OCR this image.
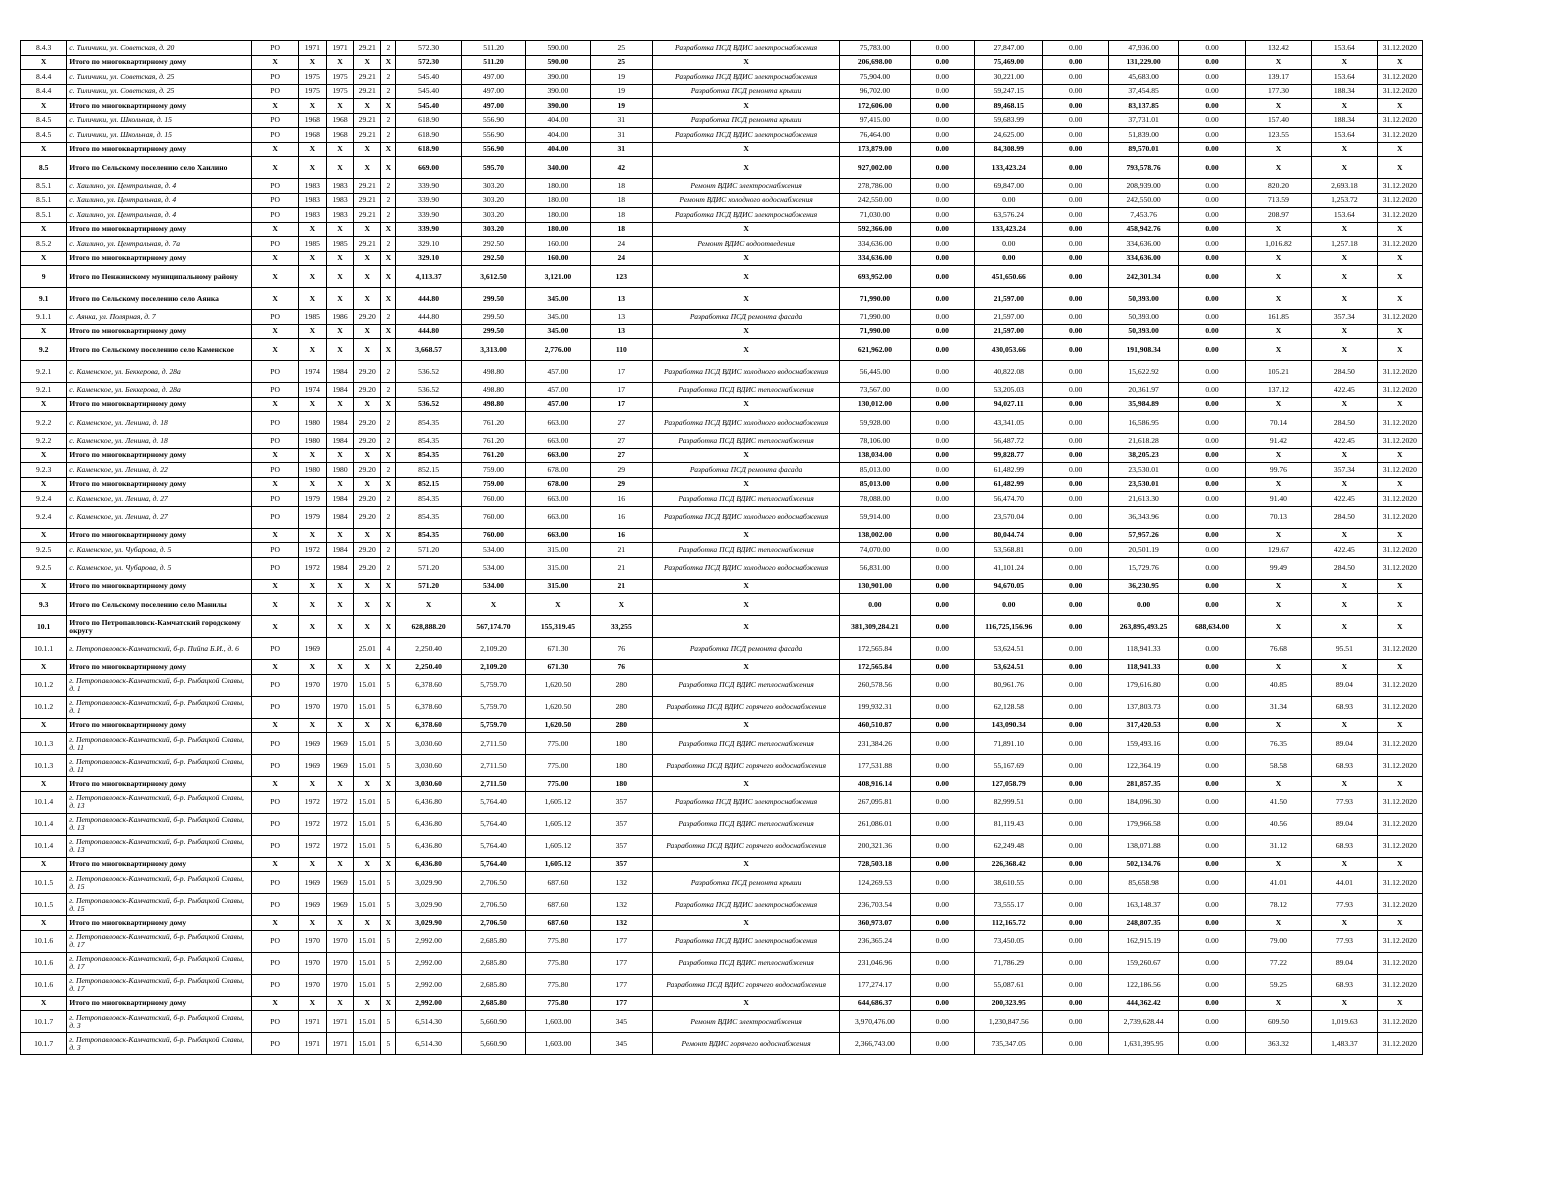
8.4.3	с. Тиличики, ул. Советская, д. 20	РО	1971	1971	29.21	2	572.30	511.20	590.00	25	Разработка ПСД ВДИС электроснабжения	75,783.00	0.00	27,847.00	0.00	47,936.00	0.00	132.42	153.64	31.12.2020
Х	Итого по многоквартирному дому	Х	Х	Х	Х	Х	572.30	511.20	590.00	25	Х	206,698.00	0.00	75,469.00	0.00	131,229.00	0.00	Х	Х	Х
8.4.4	с. Тиличики, ул. Советская, д. 25	РО	1975	1975	29.21	2	545.40	497.00	390.00	19	Разработка ПСД ВДИС электроснабжения	75,904.00	0.00	30,221.00	0.00	45,683.00	0.00	139.17	153.64	31.12.2020
8.4.4	с. Тиличики, ул. Советская, д. 25	РО	1975	1975	29.21	2	545.40	497.00	390.00	19	Разработка ПСД ремонта крыши	96,702.00	0.00	59,247.15	0.00	37,454.85	0.00	177.30	188.34	31.12.2020
Х	Итого по многоквартирному дому	Х	Х	Х	Х	Х	545.40	497.00	390.00	19	Х	172,606.00	0.00	89,468.15	0.00	83,137.85	0.00	Х	Х	Х
8.4.5	с. Тиличики, ул. Школьная, д. 15	РО	1968	1968	29.21	2	618.90	556.90	404.00	31	Разработка ПСД ремонта крыши	97,415.00	0.00	59,683.99	0.00	37,731.01	0.00	157.40	188.34	31.12.2020
8.4.5	с. Тиличики, ул. Школьная, д. 15	РО	1968	1968	29.21	2	618.90	556.90	404.00	31	Разработка ПСД ВДИС электроснабжения	76,464.00	0.00	24,625.00	0.00	51,839.00	0.00	123.55	153.64	31.12.2020
Х	Итого по многоквартирному дому	Х	Х	Х	Х	Х	618.90	556.90	404.00	31	Х	173,879.00	0.00	84,308.99	0.00	89,570.01	0.00	Х	Х	Х
8.5	Итого по Сельскому поселению село Хаилино	Х	Х	Х	Х	Х	669.00	595.70	340.00	42	Х	927,002.00	0.00	133,423.24	0.00	793,578.76	0.00	Х	Х	Х
8.5.1	с. Хаилино, ул. Центральная, д. 4	РО	1983	1983	29.21	2	339.90	303.20	180.00	18	Ремонт ВДИС электроснабжения	278,786.00	0.00	69,847.00	0.00	208,939.00	0.00	820.20	2,693.18	31.12.2020
8.5.1	с. Хаилино, ул. Центральная, д. 4	РО	1983	1983	29.21	2	339.90	303.20	180.00	18	Ремонт ВДИС холодного водоснабжения	242,550.00	0.00	0.00	0.00	242,550.00	0.00	713.59	1,253.72	31.12.2020
8.5.1	с. Хаилино, ул. Центральная, д. 4	РО	1983	1983	29.21	2	339.90	303.20	180.00	18	Разработка ПСД ВДИС электроснабжения	71,030.00	0.00	63,576.24	0.00	7,453.76	0.00	208.97	153.64	31.12.2020
Х	Итого по многоквартирному дому	Х	Х	Х	Х	Х	339.90	303.20	180.00	18	Х	592,366.00	0.00	133,423.24	0.00	458,942.76	0.00	Х	Х	Х
8.5.2	с. Хаилино, ул. Центральная, д. 7а	РО	1985	1985	29.21	2	329.10	292.50	160.00	24	Ремонт ВДИС водоотведения	334,636.00	0.00	0.00	0.00	334,636.00	0.00	1,016.82	1,257.18	31.12.2020
Х	Итого по многоквартирному дому	Х	Х	Х	Х	Х	329.10	292.50	160.00	24	Х	334,636.00	0.00	0.00	0.00	334,636.00	0.00	Х	Х	Х
9	Итого по Пенжинскому муниципальному району	Х	Х	Х	Х	Х	4,113.37	3,612.50	3,121.00	123	Х	693,952.00	0.00	451,650.66	0.00	242,301.34	0.00	Х	Х	Х
9.1	Итого по Сельскому поселению село Аянка	Х	Х	Х	Х	Х	444.80	299.50	345.00	13	Х	71,990.00	0.00	21,597.00	0.00	50,393.00	0.00	Х	Х	Х
9.1.1	с. Аянка, ул. Полярная, д. 7	РО	1985	1986	29.20	2	444.80	299.50	345.00	13	Разработка ПСД ремонта фасада	71,990.00	0.00	21,597.00	0.00	50,393.00	0.00	161.85	357.34	31.12.2020
Х	Итого по многоквартирному дому	Х	Х	Х	Х	Х	444.80	299.50	345.00	13	Х	71,990.00	0.00	21,597.00	0.00	50,393.00	0.00	Х	Х	Х
9.2	Итого по Сельскому поселению село Каменское	Х	Х	Х	Х	Х	3,668.57	3,313.00	2,776.00	110	Х	621,962.00	0.00	430,053.66	0.00	191,908.34	0.00	Х	Х	Х
9.2.1	с. Каменское, ул. Беккерова, д. 28а	РО	1974	1984	29.20	2	536.52	498.80	457.00	17	Разработка ПСД ВДИС холодного водоснабжения	56,445.00	0.00	40,822.08	0.00	15,622.92	0.00	105.21	284.50	31.12.2020
9.2.1	с. Каменское, ул. Беккерова, д. 28а	РО	1974	1984	29.20	2	536.52	498.80	457.00	17	Разработка ПСД ВДИС теплоснабжения	73,567.00	0.00	53,205.03	0.00	20,361.97	0.00	137.12	422.45	31.12.2020
Х	Итого по многоквартирному дому	Х	Х	Х	Х	Х	536.52	498.80	457.00	17	Х	130,012.00	0.00	94,027.11	0.00	35,984.89	0.00	Х	Х	Х
9.2.2	с. Каменское, ул. Ленина, д. 18	РО	1980	1984	29.20	2	854.35	761.20	663.00	27	Разработка ПСД ВДИС холодного водоснабжения	59,928.00	0.00	43,341.05	0.00	16,586.95	0.00	70.14	284.50	31.12.2020
9.2.2	с. Каменское, ул. Ленина, д. 18	РО	1980	1984	29.20	2	854.35	761.20	663.00	27	Разработка ПСД ВДИС теплоснабжения	78,106.00	0.00	56,487.72	0.00	21,618.28	0.00	91.42	422.45	31.12.2020
Х	Итого по многоквартирному дому	Х	Х	Х	Х	Х	854.35	761.20	663.00	27	Х	138,034.00	0.00	99,828.77	0.00	38,205.23	0.00	Х	Х	Х
9.2.3	с. Каменское, ул. Ленина, д. 22	РО	1980	1980	29.20	2	852.15	759.00	678.00	29	Разработка ПСД ремонта фасада	85,013.00	0.00	61,482.99	0.00	23,530.01	0.00	99.76	357.34	31.12.2020
Х	Итого по многоквартирному дому	Х	Х	Х	Х	Х	852.15	759.00	678.00	29	Х	85,013.00	0.00	61,482.99	0.00	23,530.01	0.00	Х	Х	Х
9.2.4	с. Каменское, ул. Ленина, д. 27	РО	1979	1984	29.20	2	854.35	760.00	663.00	16	Разработка ПСД ВДИС теплоснабжения	78,088.00	0.00	56,474.70	0.00	21,613.30	0.00	91.40	422.45	31.12.2020
9.2.4	с. Каменское, ул. Ленина, д. 27	РО	1979	1984	29.20	2	854.35	760.00	663.00	16	Разработка ПСД ВДИС холодного водоснабжения	59,914.00	0.00	23,570.04	0.00	36,343.96	0.00	70.13	284.50	31.12.2020
Х	Итого по многоквартирному дому	Х	Х	Х	Х	Х	854.35	760.00	663.00	16	Х	138,002.00	0.00	80,044.74	0.00	57,957.26	0.00	Х	Х	Х
9.2.5	с. Каменское, ул. Чубарова, д. 5	РО	1972	1984	29.20	2	571.20	534.00	315.00	21	Разработка ПСД ВДИС теплоснабжения	74,070.00	0.00	53,568.81	0.00	20,501.19	0.00	129.67	422.45	31.12.2020
9.2.5	с. Каменское, ул. Чубарова, д. 5	РО	1972	1984	29.20	2	571.20	534.00	315.00	21	Разработка ПСД ВДИС холодного водоснабжения	56,831.00	0.00	41,101.24	0.00	15,729.76	0.00	99.49	284.50	31.12.2020
Х	Итого по многоквартирному дому	Х	Х	Х	Х	Х	571.20	534.00	315.00	21	Х	130,901.00	0.00	94,670.05	0.00	36,230.95	0.00	Х	Х	Х
9.3	Итого по Сельскому поселению село Манилы	Х	Х	Х	Х	Х	Х	Х	Х	Х	Х	0.00	0.00	0.00	0.00	0.00	0.00	Х	Х	Х
10.1	Итого по Петропавловск-Камчатский городскому округу	Х	Х	Х	Х	Х	628,888.20	567,174.70	155,319.45	33,255	Х	381,309,284.21	0.00	116,725,156.96	0.00	263,895,493.25	688,634.00	Х	Х	Х
10.1.1	г. Петропавловск-Камчатский, б-р. Пийпа Б.И., д. 6	РО	1969		25.01	4	2,250.40	2,109.20	671.30	76	Разработка ПСД ремонта фасада	172,565.84	0.00	53,624.51	0.00	118,941.33	0.00	76.68	95.51	31.12.2020
Х	Итого по многоквартирному дому	Х	Х	Х	Х	Х	2,250.40	2,109.20	671.30	76	Х	172,565.84	0.00	53,624.51	0.00	118,941.33	0.00	Х	Х	Х
10.1.2	г. Петропавловск-Камчатский, б-р. Рыбацкой Славы, д. 1	РО	1970	1970	15.01	5	6,378.60	5,759.70	1,620.50	280	Разработка ПСД ВДИС теплоснабжения	260,578.56	0.00	80,961.76	0.00	179,616.80	0.00	40.85	89.04	31.12.2020
10.1.2	г. Петропавловск-Камчатский, б-р. Рыбацкой Славы, д. 1	РО	1970	1970	15.01	5	6,378.60	5,759.70	1,620.50	280	Разработка ПСД ВДИС горячего водоснабжения	199,932.31	0.00	62,128.58	0.00	137,803.73	0.00	31.34	68.93	31.12.2020
Х	Итого по многоквартирному дому	Х	Х	Х	Х	Х	6,378.60	5,759.70	1,620.50	280	Х	460,510.87	0.00	143,090.34	0.00	317,420.53	0.00	Х	Х	Х
10.1.3	г. Петропавловск-Камчатский, б-р. Рыбацкой Славы, д. 11	РО	1969	1969	15.01	5	3,030.60	2,711.50	775.00	180	Разработка ПСД ВДИС теплоснабжения	231,384.26	0.00	71,891.10	0.00	159,493.16	0.00	76.35	89.04	31.12.2020
10.1.3	г. Петропавловск-Камчатский, б-р. Рыбацкой Славы, д. 11	РО	1969	1969	15.01	5	3,030.60	2,711.50	775.00	180	Разработка ПСД ВДИС горячего водоснабжения	177,531.88	0.00	55,167.69	0.00	122,364.19	0.00	58.58	68.93	31.12.2020
Х	Итого по многоквартирному дому	Х	Х	Х	Х	Х	3,030.60	2,711.50	775.00	180	Х	408,916.14	0.00	127,058.79	0.00	281,857.35	0.00	Х	Х	Х
10.1.4	г. Петропавловск-Камчатский, б-р. Рыбацкой Славы, д. 13	РО	1972	1972	15.01	5	6,436.80	5,764.40	1,605.12	357	Разработка ПСД ВДИС электроснабжения	267,095.81	0.00	82,999.51	0.00	184,096.30	0.00	41.50	77.93	31.12.2020
10.1.4	г. Петропавловск-Камчатский, б-р. Рыбацкой Славы, д. 13	РО	1972	1972	15.01	5	6,436.80	5,764.40	1,605.12	357	Разработка ПСД ВДИС теплоснабжения	261,086.01	0.00	81,119.43	0.00	179,966.58	0.00	40.56	89.04	31.12.2020
10.1.4	г. Петропавловск-Камчатский, б-р. Рыбацкой Славы, д. 13	РО	1972	1972	15.01	5	6,436.80	5,764.40	1,605.12	357	Разработка ПСД ВДИС горячего водоснабжения	200,321.36	0.00	62,249.48	0.00	138,071.88	0.00	31.12	68.93	31.12.2020
Х	Итого по многоквартирному дому	Х	Х	Х	Х	Х	6,436.80	5,764.40	1,605.12	357	Х	728,503.18	0.00	226,368.42	0.00	502,134.76	0.00	Х	Х	Х
10.1.5	г. Петропавловск-Камчатский, б-р. Рыбацкой Славы, д. 15	РО	1969	1969	15.01	5	3,029.90	2,706.50	687.60	132	Разработка ПСД ремонта крыши	124,269.53	0.00	38,610.55	0.00	85,658.98	0.00	41.01	44.01	31.12.2020
10.1.5	г. Петропавловск-Камчатский, б-р. Рыбацкой Славы, д. 15	РО	1969	1969	15.01	5	3,029.90	2,706.50	687.60	132	Разработка ПСД ВДИС электроснабжения	236,703.54	0.00	73,555.17	0.00	163,148.37	0.00	78.12	77.93	31.12.2020
Х	Итого по многоквартирному дому	Х	Х	Х	Х	Х	3,029.90	2,706.50	687.60	132	Х	360,973.07	0.00	112,165.72	0.00	248,807.35	0.00	Х	Х	Х
10.1.6	г. Петропавловск-Камчатский, б-р. Рыбацкой Славы, д. 17	РО	1970	1970	15.01	5	2,992.00	2,685.80	775.80	177	Разработка ПСД ВДИС электроснабжения	236,365.24	0.00	73,450.05	0.00	162,915.19	0.00	79.00	77.93	31.12.2020
10.1.6	г. Петропавловск-Камчатский, б-р. Рыбацкой Славы, д. 17	РО	1970	1970	15.01	5	2,992.00	2,685.80	775.80	177	Разработка ПСД ВДИС теплоснабжения	231,046.96	0.00	71,786.29	0.00	159,260.67	0.00	77.22	89.04	31.12.2020
10.1.6	г. Петропавловск-Камчатский, б-р. Рыбацкой Славы, д. 17	РО	1970	1970	15.01	5	2,992.00	2,685.80	775.80	177	Разработка ПСД ВДИС горячего водоснабжения	177,274.17	0.00	55,087.61	0.00	122,186.56	0.00	59.25	68.93	31.12.2020
Х	Итого по многоквартирному дому	Х	Х	Х	Х	Х	2,992.00	2,685.80	775.80	177	Х	644,686.37	0.00	200,323.95	0.00	444,362.42	0.00	Х	Х	Х
10.1.7	г. Петропавловск-Камчатский, б-р. Рыбацкой Славы, д. 3	РО	1971	1971	15.01	5	6,514.30	5,660.90	1,603.00	345	Ремонт ВДИС электроснабжения	3,970,476.00	0.00	1,230,847.56	0.00	2,739,628.44	0.00	609.50	1,019.63	31.12.2020
10.1.7	г. Петропавловск-Камчатский, б-р. Рыбацкой Славы, д. 3	РО	1971	1971	15.01	5	6,514.30	5,660.90	1,603.00	345	Ремонт ВДИС горячего водоснабжения	2,366,743.00	0.00	735,347.05	0.00	1,631,395.95	0.00	363.32	1,483.37	31.12.2020
